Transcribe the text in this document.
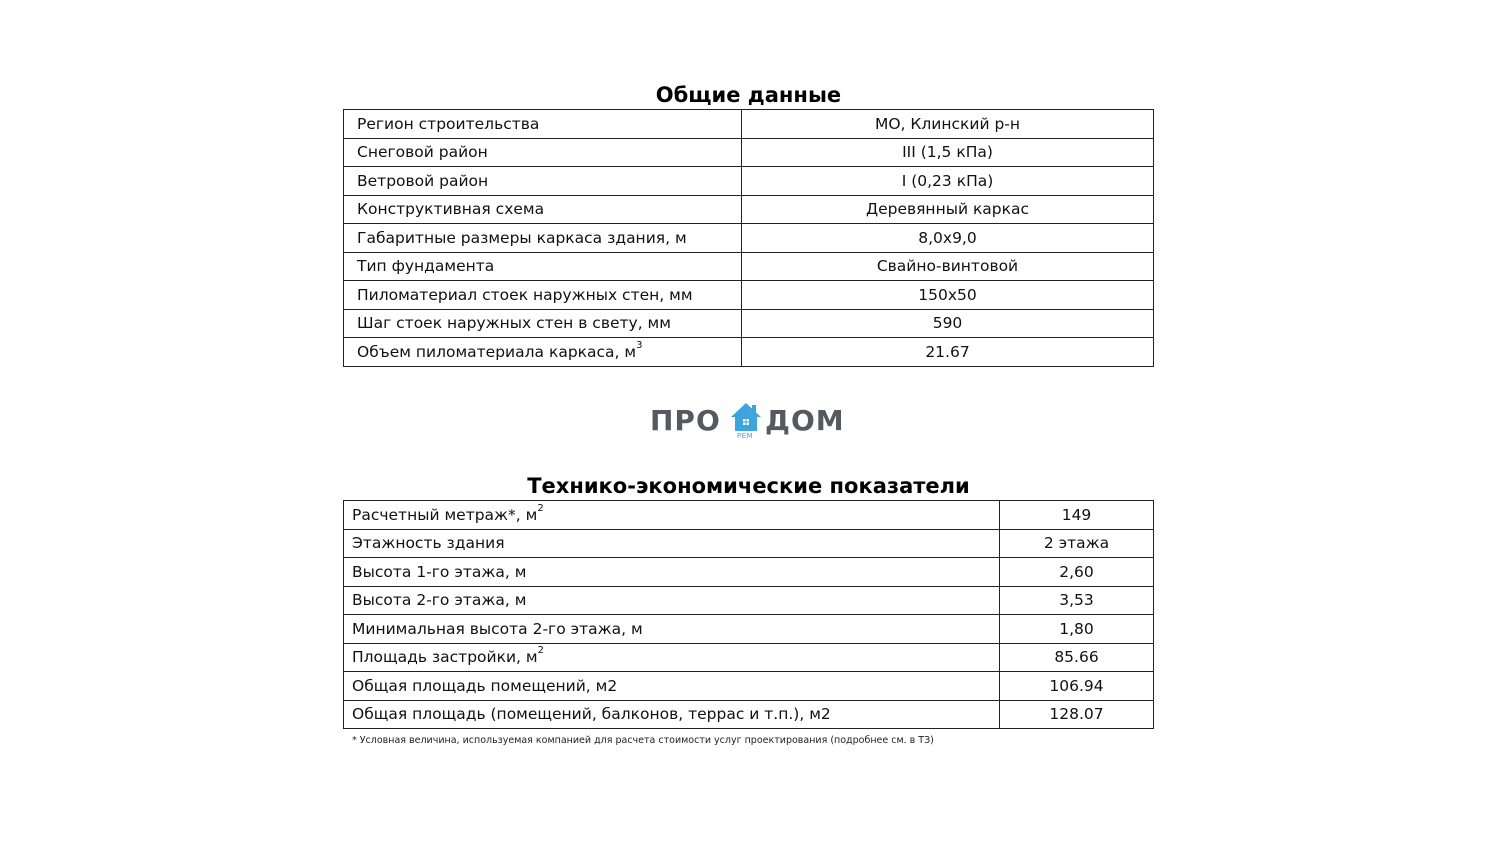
Общие данные
Регион строительства	МО, Клинский р-н
Снеговой район	III (1,5 кПа)
Ветровой район	I (0,23 кПа)
Конструктивная схема	Деревянный каркас
Габаритные размеры каркаса здания, м	8,0х9,0
Тип фундамента	Свайно-винтовой
Пиломатериал стоек наружных стен, мм	150х50
Шаг стоек наружных стен в свету, мм	590
Объем пиломатериала каркаса, $м^3$	21.67
ПРО	РЕМ ДОМ
Технико-экономические показатели
Расчетный метраж*, $м^2$	149
Этажность здания	2 этажа
Высота 1-го этажа, м	2,60
Высота 2-го этажа, м	3,53
Минимальная высота 2-го этажа, м	1,80
Площадь застройки, $м^2$	85.66
Общая площадь помещений, м2	106.94
Общая площадь (помещений, балконов, террас и т.п.), м2	128.07
* Условная величина, используемая компанией для расчета стоимости услуг проектирования (подробнее см. в ТЗ)
